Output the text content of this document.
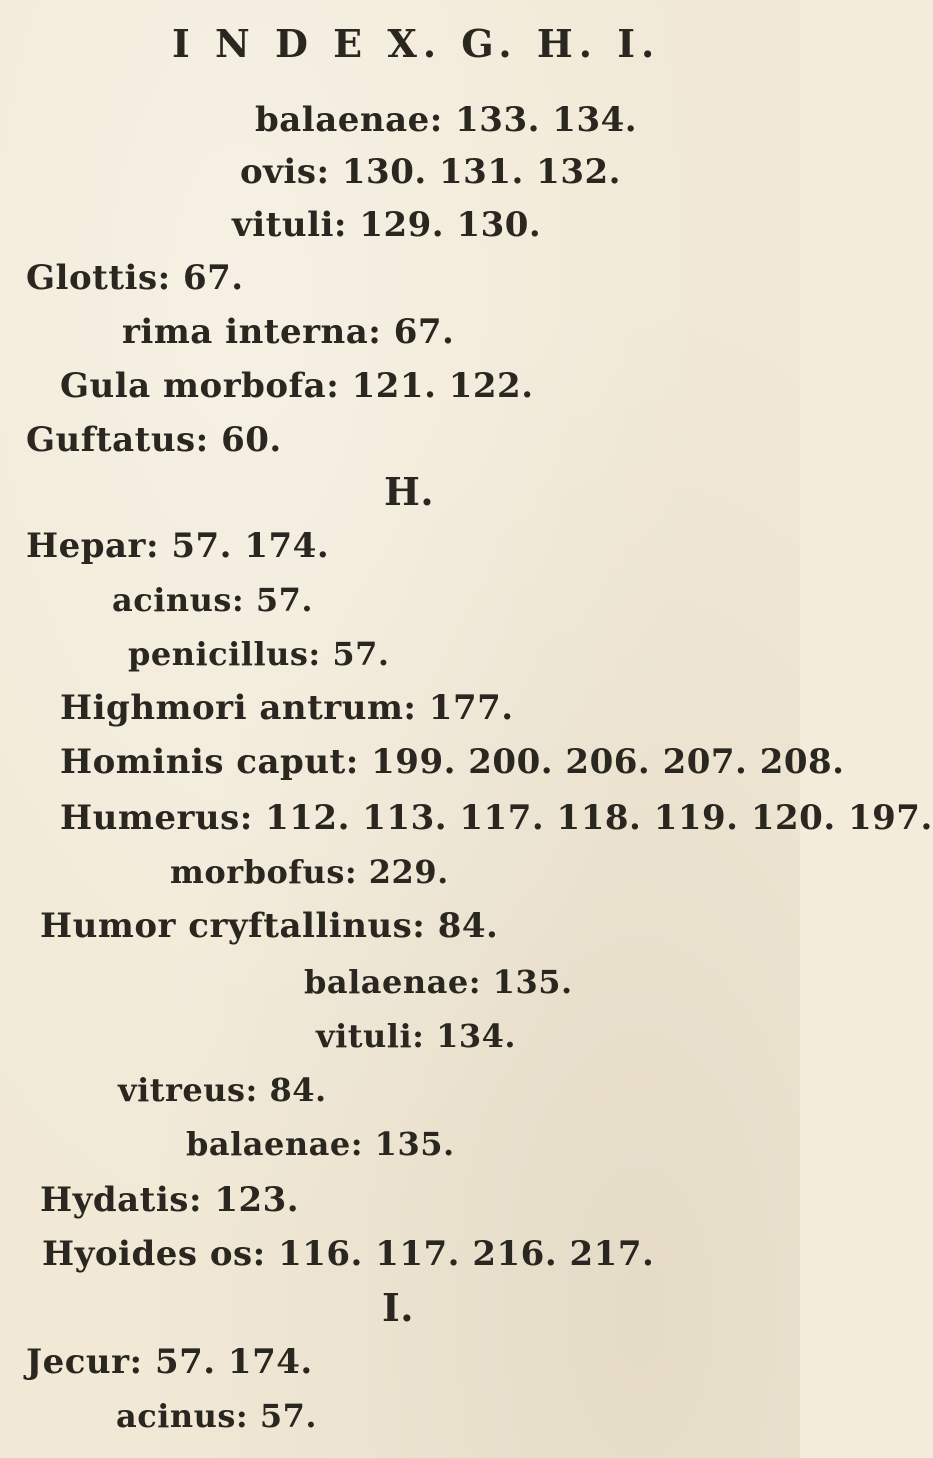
I N D E X. G. H. I.
balaenae: 133. 134.
ovis: 130. 131. 132.
vituli: 129. 130.
Glottis: 67.
rima interna: 67.
Gula morbofa: 121. 122.
Guftatus: 60.
H.
Hepar: 57. 174.
acinus: 57.
penicillus: 57.
Highmori antrum: 177.
Hominis caput: 199. 200. 206. 207. 208.
Humerus: 112. 113. 117. 118. 119. 120. 197.
morbofus: 229.
Humor cryftallinus: 84.
balaenae: 135.
vituli: 134.
vitreus: 84.
balaenae: 135.
Hydatis: 123.
Hyoides os: 116. 117. 216. 217.
I.
Jecur: 57. 174.
acinus: 57.
